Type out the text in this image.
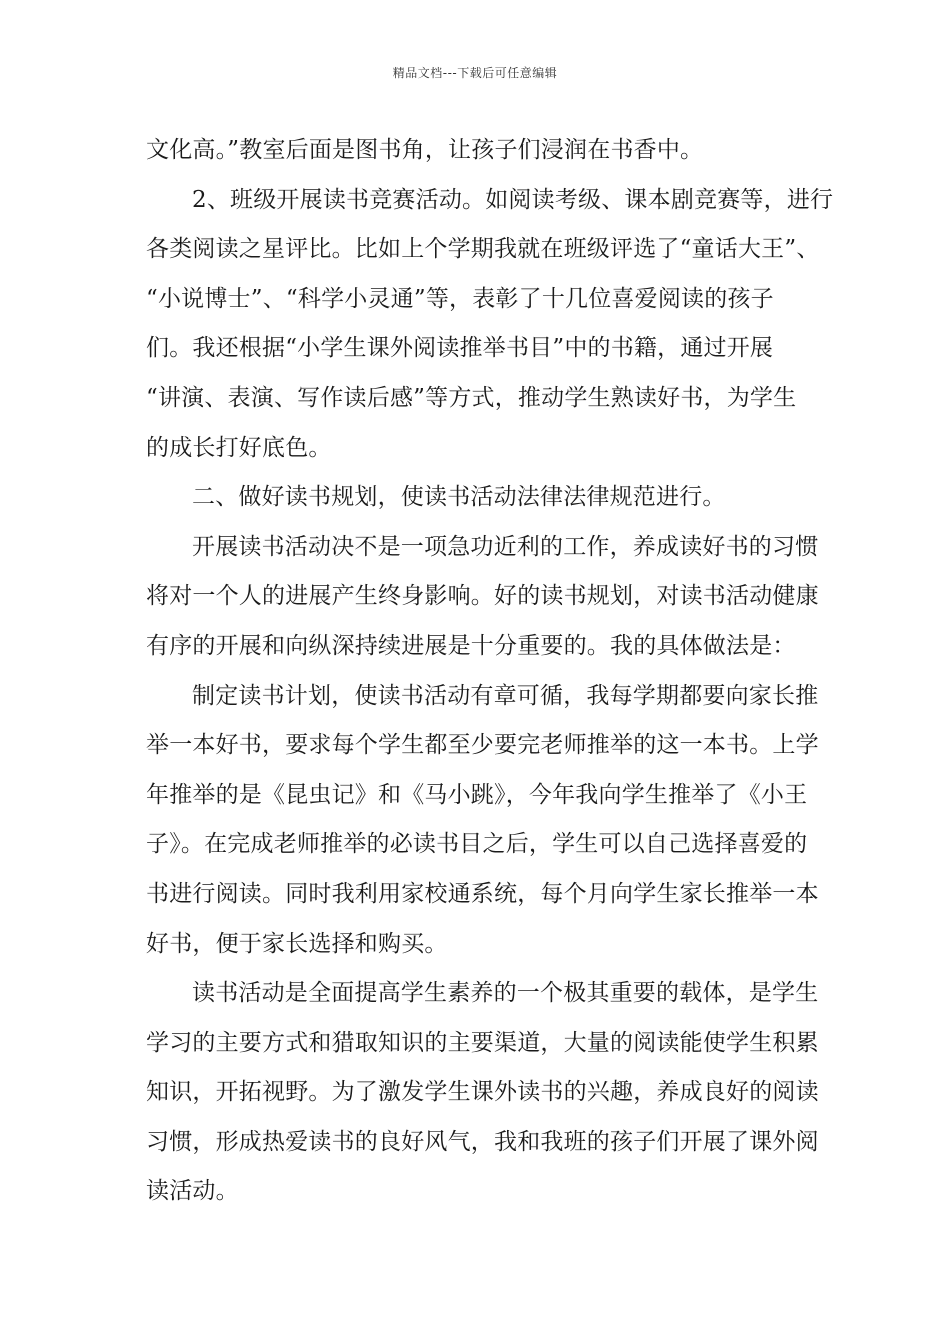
精品文档---下载后可任意编辑
文化高。”教室后面是图书角，让孩子们浸润在书香中。
2、班级开展读书竞赛活动。如阅读考级、课本剧竞赛等，进行
各类阅读之星评比。比如上个学期我就在班级评选了“童话大王”、
“小说博士”、“科学小灵通”等，表彰了十几位喜爱阅读的孩子
们。我还根据“小学生课外阅读推举书目”中的书籍，通过开展
“讲演、表演、写作读后感”等方式，推动学生熟读好书，为学生
的成长打好底色。
二、做好读书规划，使读书活动法律法律规范进行。
开展读书活动决不是一项急功近利的工作，养成读好书的习惯
将对一个人的进展产生终身影响。好的读书规划，对读书活动健康
有序的开展和向纵深持续进展是十分重要的。我的具体做法是：
制定读书计划，使读书活动有章可循，我每学期都要向家长推
举一本好书，要求每个学生都至少要完老师推举的这一本书。上学
年推举的是《昆虫记》和《马小跳》，今年我向学生推举了《小王
子》。在完成老师推举的必读书目之后，学生可以自己选择喜爱的
书进行阅读。同时我利用家校通系统，每个月向学生家长推举一本
好书，便于家长选择和购买。
读书活动是全面提高学生素养的一个极其重要的载体，是学生
学习的主要方式和猎取知识的主要渠道，大量的阅读能使学生积累
知识，开拓视野。为了激发学生课外读书的兴趣，养成良好的阅读
习惯，形成热爱读书的良好风气，我和我班的孩子们开展了课外阅
读活动。
